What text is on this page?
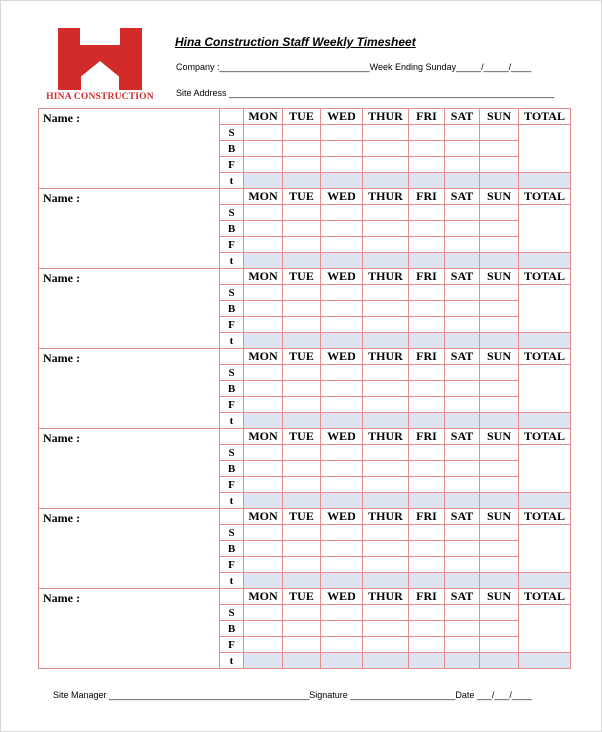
HINA CONSTRUCTION
Hina Construction Staff Weekly Timesheet
Company :______________________________Week Ending Sunday_____/_____/____
Site Address _________________________________________________________________
Name :		MON	TUE	WED	THUR	FRI	SAT	SUN	TOTAL
	S								
	B								
	F								
	t								
Name :		MON	TUE	WED	THUR	FRI	SAT	SUN	TOTAL
	S								
	B								
	F								
	t								
Name :		MON	TUE	WED	THUR	FRI	SAT	SUN	TOTAL
	S								
	B								
	F								
	t								
Name :		MON	TUE	WED	THUR	FRI	SAT	SUN	TOTAL
	S								
	B								
	F								
	t								
Name :		MON	TUE	WED	THUR	FRI	SAT	SUN	TOTAL
	S								
	B								
	F								
	t								
Name :		MON	TUE	WED	THUR	FRI	SAT	SUN	TOTAL
	S								
	B								
	F								
	t								
Name :		MON	TUE	WED	THUR	FRI	SAT	SUN	TOTAL
	S								
	B								
	F								
	t								
Site Manager ________________________________________Signature _____________________Date ___/___/____
